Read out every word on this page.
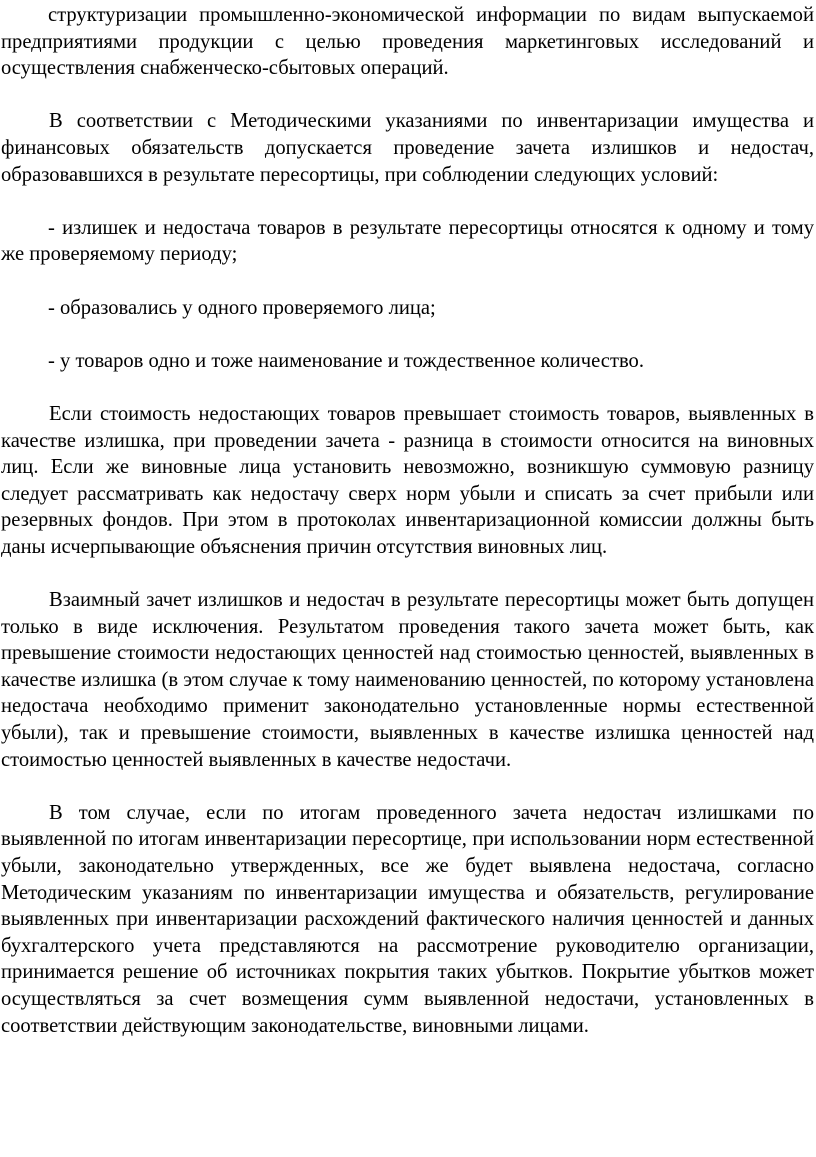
структуризации промышленно-экономической информации по видам выпускаемой предприятиями продукции с целью проведения маркетинговых исследований и осуществления снабженческо-сбытовых операций.

В соответствии с Методическими указаниями по инвентаризации имущества и финансовых обязательств допускается проведение зачета излишков и недостач, образовавшихся в результате пересортицы, при соблюдении следующих условий:

- излишек и недостача товаров в результате пересортицы относятся к одному и тому же проверяемому периоду;

- образовались у одного проверяемого лица;

- у товаров одно и тоже наименование и тождественное количество.

Если стоимость недостающих товаров превышает стоимость товаров, выявленных в качестве излишка, при проведении зачета - разница в стоимости относится на виновных лиц. Если же виновные лица установить невозможно, возникшую суммовую разницу следует рассматривать как недостачу сверх норм убыли и списать за счет прибыли или резервных фондов. При этом в протоколах инвентаризационной комиссии должны быть даны исчерпывающие объяснения причин отсутствия виновных лиц.

Взаимный зачет излишков и недостач в результате пересортицы может быть допущен только в виде исключения. Результатом проведения такого зачета может быть, как превышение стоимости недостающих ценностей над стоимостью ценностей, выявленных в качестве излишка (в этом случае к тому наименованию ценностей, по которому установлена недостача необходимо применит законодательно установленные нормы естественной убыли), так и превышение стоимости, выявленных в качестве излишка ценностей над стоимостью ценностей выявленных в качестве недостачи.

В том случае, если по итогам проведенного зачета недостач излишками по выявленной по итогам инвентаризации пересортице, при использовании норм естественной убыли, законодательно утвержденных, все же будет выявлена недостача, согласно Методическим указаниям по инвентаризации имущества и обязательств, регулирование выявленных при инвентаризации расхождений фактического наличия ценностей и данных бухгалтерского учета представляются на рассмотрение руководителю организации, принимается решение об источниках покрытия таких убытков. Покрытие убытков может осуществляться за счет возмещения сумм выявленной недостачи, установленных в соответствии действующим законодательстве, виновными лицами.
